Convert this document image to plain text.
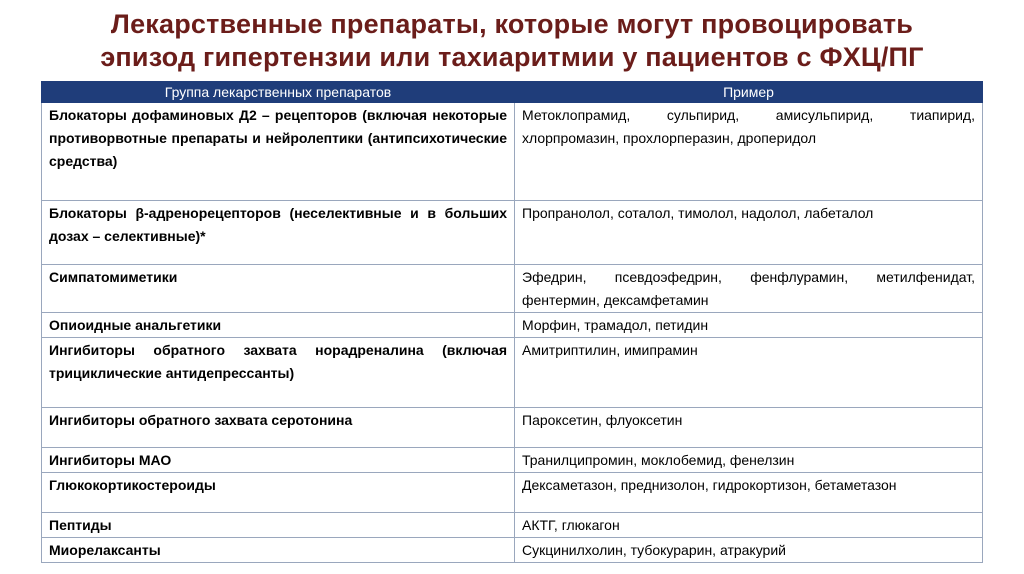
Лекарственные препараты, которые могут провоцировать
эпизод гипертензии или тахиаритмии у пациентов с ФХЦ/ПГ
Группа лекарственных препаратов	Пример
Блокаторы дофаминовых Д2 – рецепторов (включая некоторые противорвотные препараты и нейролептики (антипсихотические средства)	Метоклопрамид, сульпирид, амисульпирид, тиапирид, хлорпромазин, прохлорперазин, дроперидол
Блокаторы β-адренорецепторов (неселективные и в больших дозах – селективные)*	Пропранолол, соталол, тимолол, надолол, лабеталол
Симпатомиметики	Эфедрин, псевдоэфедрин, фенфлурамин, метилфенидат, фентермин, дексамфетамин
Опиоидные анальгетики	Морфин, трамадол, петидин
Ингибиторы обратного захвата норадреналина (включая трициклические антидепрессанты)	Амитриптилин, имипрамин
Ингибиторы обратного захвата серотонина	Пароксетин, флуоксетин
Ингибиторы МАО	Транилципромин, моклобемид, фенелзин
Глюкокортикостероиды	Дексаметазон, преднизолон, гидрокортизон, бетаметазон
Пептиды	АКТГ, глюкагон
Миорелаксанты	Сукцинилхолин, тубокурарин, атракурий
